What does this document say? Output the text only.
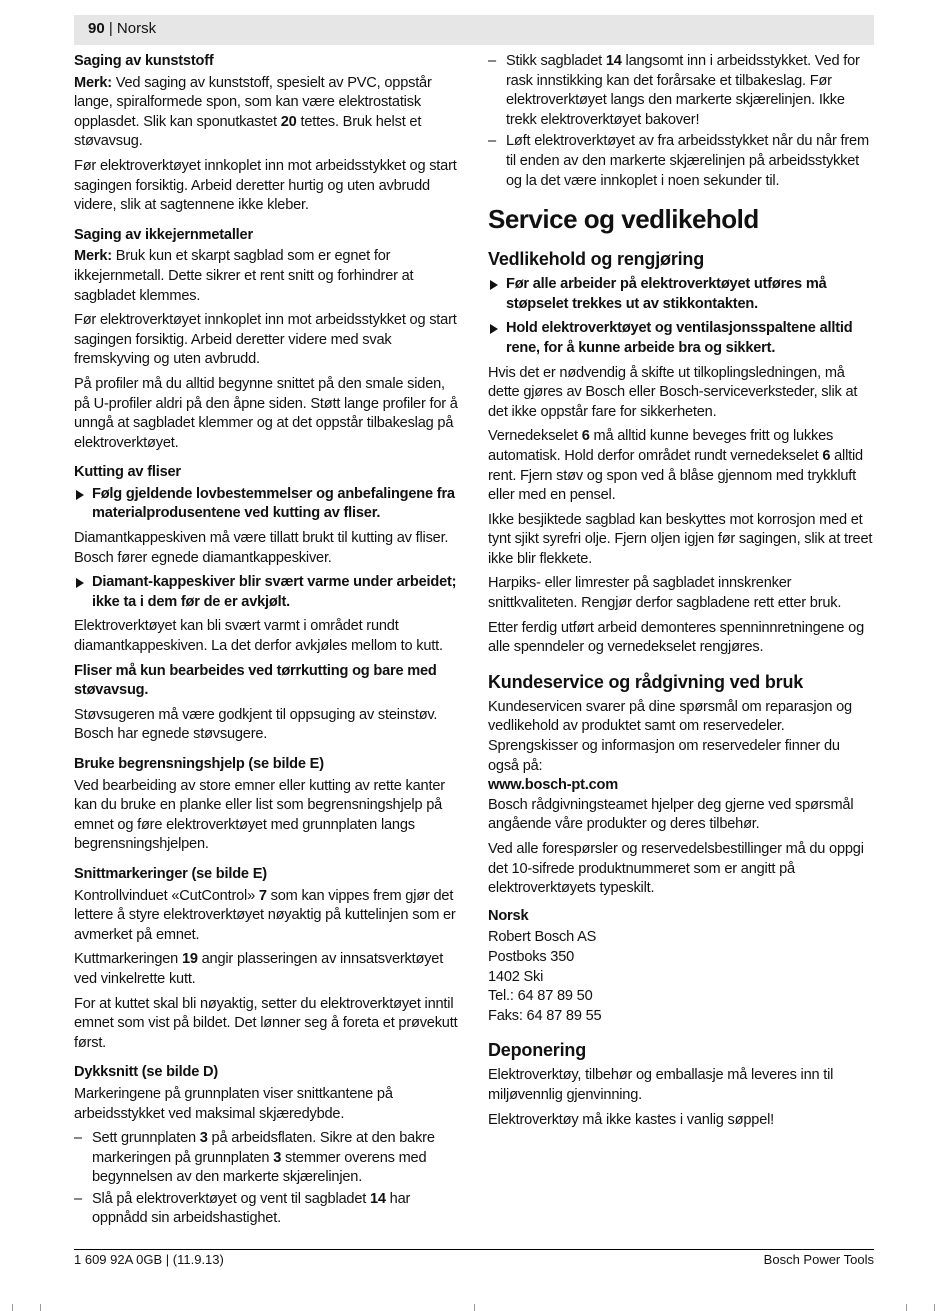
90 | Norsk
Saging av kunststoff

Merk: Ved saging av kunststoff, spesielt av PVC, oppstår lange, spiralformede spon, som kan være elektrostatisk opplasdet. Slik kan sponutkastet 20 tettes. Bruk helst et støvavsug.

Før elektroverktøyet innkoplet inn mot arbeidsstykket og start sagingen forsiktig. Arbeid deretter hurtig og uten avbrudd videre, slik at sagtennene ikke kleber.

Saging av ikkejernmetaller

Merk: Bruk kun et skarpt sagblad som er egnet for ikkejernmetall. Dette sikrer et rent snitt og forhindrer at sagbladet klemmes.

Før elektroverktøyet innkoplet inn mot arbeidsstykket og start sagingen forsiktig. Arbeid deretter videre med svak fremskyving og uten avbrudd.

På profiler må du alltid begynne snittet på den smale siden, på U-profiler aldri på den åpne siden. Støtt lange profiler for å unngå at sagbladet klemmer og at det oppstår tilbakeslag på elektroverktøyet.

Kutting av fliser
Følg gjeldende lovbestemmelser og anbefalingene fra materialprodusentene ved kutting av fliser.

Diamantkappeskiven må være tillatt brukt til kutting av fliser. Bosch fører egnede diamantkappeskiver.

Diamant-kappeskiver blir svært varme under arbeidet; ikke ta i dem før de er avkjølt.

Elektroverktøyet kan bli svært varmt i området rundt diamantkappeskiven. La det derfor avkjøles mellom to kutt.

Fliser må kun bearbeides ved tørrkutting og bare med støvavsug.

Støvsugeren må være godkjent til oppsuging av steinstøv. Bosch har egnede støvsugere.

Bruke begrensningshjelp (se bilde E)

Ved bearbeiding av store emner eller kutting av rette kanter kan du bruke en planke eller list som begrensningshjelp på emnet og føre elektroverktøyet med grunnplaten langs begrensningshjelpen.

Snittmarkeringer (se bilde E)

Kontrollvinduet «CutControl» 7 som kan vippes frem gjør det lettere å styre elektroverktøyet nøyaktig på kuttelinjen som er avmerket på emnet.

Kuttmarkeringen 19 angir plasseringen av innsatsverktøyet ved vinkelrette kutt.

For at kuttet skal bli nøyaktig, setter du elektroverktøyet inntil emnet som vist på bildet. Det lønner seg å foreta et prøvekutt først.

Dykksnitt (se bilde D)

Markeringene på grunnplaten viser snittkantene på arbeidsstykket ved maksimal skjæredybde.

– Sett grunnplaten 3 på arbeidsflaten. Sikre at den bakre markeringen på grunnplaten 3 stemmer overens med begynnelsen av den markerte skjærelinjen.
– Slå på elektroverktøyet og vent til sagbladet 14 har oppnådd sin arbeidshastighet.
– Stikk sagbladet 14 langsomt inn i arbeidsstykket. Ved for rask innstikking kan det forårsake et tilbakeslag. Før elektroverktøyet langs den markerte skjærelinjen. Ikke trekk elektroverktøyet bakover!
– Løft elektroverktøyet av fra arbeidsstykket når du når frem til enden av den markerte skjærelinjen på arbeidsstykket og la det være innkoplet i noen sekunder til.
Service og vedlikehold
Vedlikehold og rengjøring
Før alle arbeider på elektroverktøyet utføres må støpselet trekkes ut av stikkontakten.
Hold elektroverktøyet og ventilasjonsspaltene alltid rene, for å kunne arbeide bra og sikkert.

Hvis det er nødvendig å skifte ut tilkoplingsledningen, må dette gjøres av Bosch eller Bosch-serviceverksteder, slik at det ikke oppstår fare for sikkerheten.

Vernedekselet 6 må alltid kunne beveges fritt og lukkes automatisk. Hold derfor området rundt vernedekselet 6 alltid rent. Fjern støv og spon ved å blåse gjennom med trykkluft eller med en pensel.

Ikke besjiktede sagblad kan beskyttes mot korrosjon med et tynt sjikt syrefri olje. Fjern oljen igjen før sagingen, slik at treet ikke blir flekkete.

Harpiks- eller limrester på sagbladet innskrenker snittkvaliteten. Rengjør derfor sagbladene rett etter bruk.

Etter ferdig utført arbeid demonteres spenninnretningene og alle spenndeler og vernedekselet rengjøres.

Kundeservice og rådgivning ved bruk

Kundeservicen svarer på dine spørsmål om reparasjon og vedlikehold av produktet samt om reservedeler. Sprengskisser og informasjon om reservedeler finner du også på:

www.bosch-pt.com

Bosch rådgivningsteamet hjelper deg gjerne ved spørsmål angående våre produkter og deres tilbehør.

Ved alle forespørsler og reservedelsbestillinger må du oppgi det 10-sifrede produktnummeret som er angitt på elektroverktøyets typeskilt.

Norsk
Robert Bosch AS
Postboks 350
1402 Ski
Tel.: 64 87 89 50
Faks: 64 87 89 55
Deponering

Elektroverktøy, tilbehør og emballasje må leveres inn til miljøvennlig gjenvinning.

Elektroverktøy må ikke kastes i vanlig søppel!

1 609 92A 0GB | (11.9.13)	Bosch Power Tools
